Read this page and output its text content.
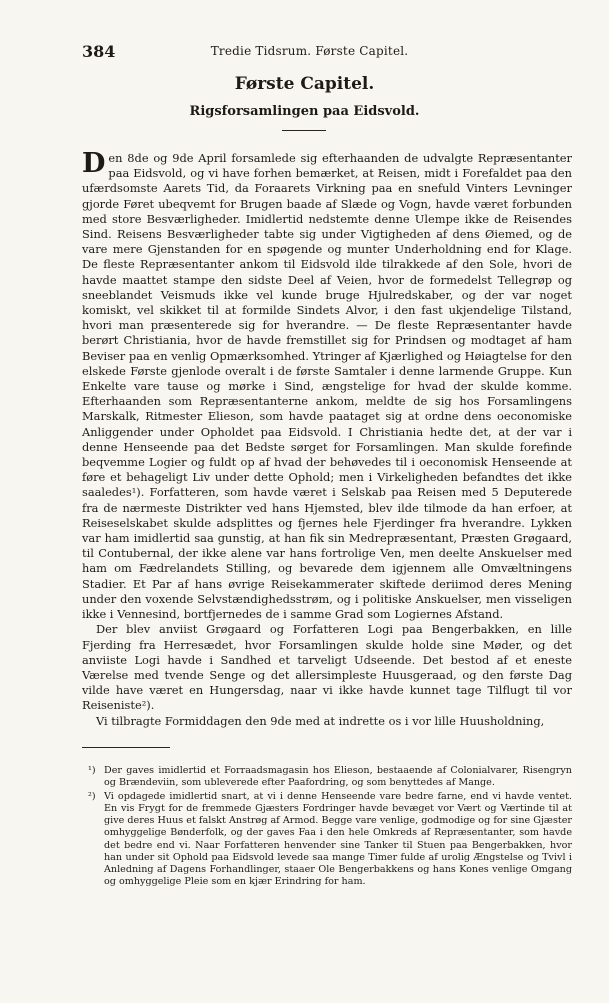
384	Tredie Tidsrum. Første Capitel.
Første Capitel.
Rigsforsamlingen paa Eidsvold.

Den 8de og 9de April forsamlede sig efterhaanden de udvalgte Repræsentanter paa Eidsvold, og vi have forhen bemærket, at Reisen, midt i Forefaldet paa den ufærdsomste Aarets Tid, da Foraarets Virkning paa en snefuld Vinters Levninger gjorde Føret ubeqvemt for Brugen baade af Slæde og Vogn, havde været forbunden med store Besværligheder. Imidlertid nedstemte denne Ulempe ikke de Reisendes Sind. Reisens Besværligheder tabte sig under Vigtigheden af dens Øiemed, og de vare mere Gjenstanden for en spøgende og munter Underholdning end for Klage. De fleste Repræsentanter ankom til Eidsvold ilde tilrakkede af den Sole, hvori de havde maattet stampe den sidste Deel af Veien, hvor de formedelst Tellegrøp og sneeblandet Veismuds ikke vel kunde bruge Hjulredskaber, og der var noget komiskt, vel skikket til at formilde Sindets Alvor, i den fast ukjendelige Tilstand, hvori man præsenterede sig for hverandre. — De fleste Repræsentanter havde berørt Christiania, hvor de havde fremstillet sig for Prindsen og modtaget af ham Beviser paa en venlig Opmærksomhed. Ytringer af Kjærlighed og Høiagtelse for den elskede Første gjenlode overalt i de første Samtaler i denne larmende Gruppe. Kun Enkelte vare tause og mørke i Sind, ængstelige for hvad der skulde komme. Efterhaanden som Repræsentanterne ankom, meldte de sig hos Forsamlingens Marskalk, Ritmester Elieson, som havde paataget sig at ordne dens oeconomiske Anliggender under Opholdet paa Eidsvold. I Christiania hedte det, at der var i denne Henseende paa det Bedste sørget for Forsamlingen. Man skulde forefinde beqvemme Logier og fuldt op af hvad der behøvedes til i oeconomisk Henseende at føre et behageligt Liv under dette Ophold; men i Virkeligheden befandtes det ikke saaledes¹). Forfatteren, som havde været i Selskab paa Reisen med 5 Deputerede fra de nærmeste Distrikter ved hans Hjemsted, blev ilde tilmode da han erfoer, at Reiseselskabet skulde adsplittes og fjernes hele Fjerdinger fra hverandre. Lykken var ham imidlertid saa gunstig, at han fik sin Medrepræsentant, Præsten Grøgaard, til Contubernal, der ikke alene var hans fortrolige Ven, men deelte Anskuelser med ham om Fædrelandets Stilling, og bevarede dem igjennem alle Omvæltningens Stadier. Et Par af hans øvrige Reisekammerater skiftede deriimod deres Mening under den voxende Selvstændighedsstrøm, og i politiske Anskuelser, men visseligen ikke i Vennesind, bortfjernedes de i samme Grad som Logiernes Afstand.

Der blev anviist Grøgaard og Forfatteren Logi paa Bengerbakken, en lille Fjerding fra Herresædet, hvor Forsamlingen skulde holde sine Møder, og det anviiste Logi havde i Sandhed et tarveligt Udseende. Det bestod af et eneste Værelse med tvende Senge og det allersimpleste Huusgeraad, og den første Dag vilde have været en Hungersdag, naar vi ikke havde kunnet tage Tilflugt til vor Reiseniste²).

Vi tilbragte Formiddagen den 9de med at indrette os i vor lille Huusholdning,

¹) Der gaves imidlertid et Forraadsmagasin hos Elieson, bestaaende af Colonialvarer, Risengryn og Brændeviin, som ubleverede efter Paafordring, og som benyttedes af Mange.

²) Vi opdagede imidlertid snart, at vi i denne Henseende vare bedre farne, end vi havde ventet. En vis Frygt for de fremmede Gjæsters Fordringer havde bevæget vor Vært og Værtinde til at give deres Huus et falskt Anstrøg af Armod. Begge vare venlige, godmodige og for sine Gjæster omhyggelige Bønderfolk, og der gaves Faa i den hele Omkreds af Repræsentanter, som havde det bedre end vi. Naar Forfatteren henvender sine Tanker til Stuen paa Bengerbakken, hvor han under sit Ophold paa Eidsvold levede saa mange Timer fulde af urolig Ængstelse og Tvivl i Anledning af Dagens Forhandlinger, staaer Ole Bengerbakkens og hans Kones venlige Omgang og omhyggelige Pleie som en kjær Erindring for ham.
